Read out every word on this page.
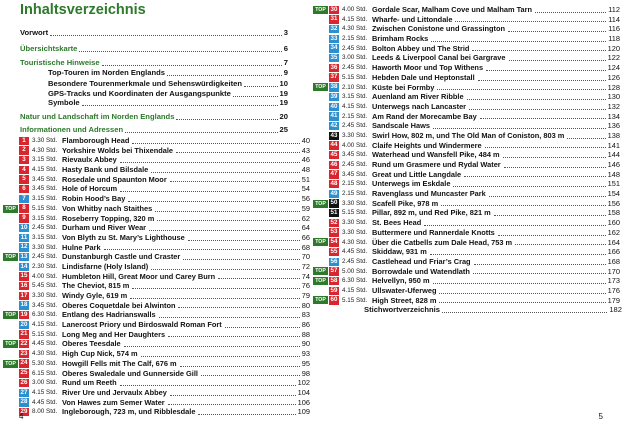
Inhaltsverzeichnis
Vorwort	3
Übersichtskarte	6
Touristische Hinweise	7
Top-Touren im Norden Englands	9
Besondere Tourenmerkmale und Sehenswürdigkeiten	10
GPS-Tracks und Koordinaten der Ausgangspunkte	19
Symbole	19
Natur und Landschaft im Norden Englands	20
Informationen und Adressen	25
1 3.30 Std. Flamborough Head	40
2 4.30 Std. Yorkshire Wolds bei Thixendale	43
3 3.15 Std. Rievaulx Abbey	46
4 4.15 Std. Hasty Bank und Bilsdale	48
5 3.45 Std. Rosedale und Spaunton Moor	51
6 3.45 Std. Hole of Horcum	54
7 3.15 Std. Robin Hood’s Bay	56
TOP	8 5.15 Std. Von Whitby nach Staithes	59
9 3.15 Std. Roseberry Topping, 320 m	62
10 2.45 Std. Durham und River Wear	64
11 3.15 Std. Von Blyth zu St. Mary’s Lighthouse	66
12 3.30 Std. Hulne Park	68
TOP 13 2.45 Std. Dunstanburgh Castle und Craster	70
14 2.30 Std. Lindisfarne (Holy Island)	72
15 4.00 Std. Humbleton Hill, Great Moor und Carey Burn	74
16 5.45 Std. The Cheviot, 815 m	76
17 3.30 Std. Windy Gyle, 619 m	79
18 3.45 Std. Oberes Coquetdale bei Alwinton	80
TOP 19 6.30 Std. Entlang des Hadrianswalls	83
20 4.15 Std. Lanercost Priory und Birdoswald Roman Fort	86
21 5.15 Std. Long Meg and Her Daughters	88
TOP 22 4.45 Std. Oberes Teesdale	90
23 4.30 Std. High Cup Nick, 574 m	93
TOP 24 5.30 Std. Howgill Fells mit The Calf, 676 m	95
25 6.15 Std. Oberes Swaledale und Gunnerside Gill	98
26 3.00 Std. Rund um Reeth	102
27 4.15 Std. River Ure und Jervaulx Abbey	104
28 4.45 Std. Von Hawes zum Semer Water	106
29 8.00 Std. Ingleborough, 723 m, und Ribblesdale	109
4
TOP 30 4.00 Std. Gordale Scar, Malham Cove und Malham Tarn	112
31 4.15 Std. Wharfe- und Littondale	114
32 4.30 Std. Zwischen Conistone und Grassington	116
33 2.15 Std. Brimham Rocks	118
34 2.45 Std. Bolton Abbey und The Strid	120
35 3.00 Std. Leeds & Liverpool Canal bei Gargrave	122
36 2.45 Std. Haworth Moor und Top Withens	124
37 5.15 Std. Hebden Dale und Heptonstall	126
TOP 38 2.10 Std. Küste bei Formby	128
39 3.15 Std. Auenland am River Ribble	130
40 4.15 Std. Unterwegs nach Lancaster	132
41 2.15 Std. Am Rand der Morecambe Bay	134
42 2.45 Std. Sandscale Haws	136
43 3.30 Std. Swirl How, 802 m, und The Old Man of Coniston, 803 m	138
44 4.00 Std. Claife Heights und Windermere	141
45 3.45 Std. Waterhead und Wansfell Pike, 484 m	144
46 2.45 Std. Rund um Grasmere und Rydal Water	146
47 3.45 Std. Great und Little Langdale	148
48 2.15 Std. Unterwegs im Eskdale	151
49 2.15 Std. Ravenglass und Muncaster Park	154
TOP 50 3.30 Std. Scafell Pike, 978 m	156
51 5.15 Std. Pillar, 892 m, und Red Pike, 821 m	158
52 3.30 Std. St. Bees Head	160
53 3.30 Std. Buttermere und Rannerdale Knotts	162
TOP 54 4.30 Std. Über die Catbells zum Dale Head, 753 m	164
55 4.45 Std. Skiddaw, 931 m	166
56 2.45 Std. Castlehead und Friar’s Crag	168
TOP 57 5.00 Std. Borrowdale und Watendlath	170
TOP 58 6.30 Std. Helvellyn, 950 m	173
59 4.15 Std. Ullswater-Uferweg	176
TOP 60 5.15 Std. High Street, 828 m	179
Stichwortverzeichnis	182
5
